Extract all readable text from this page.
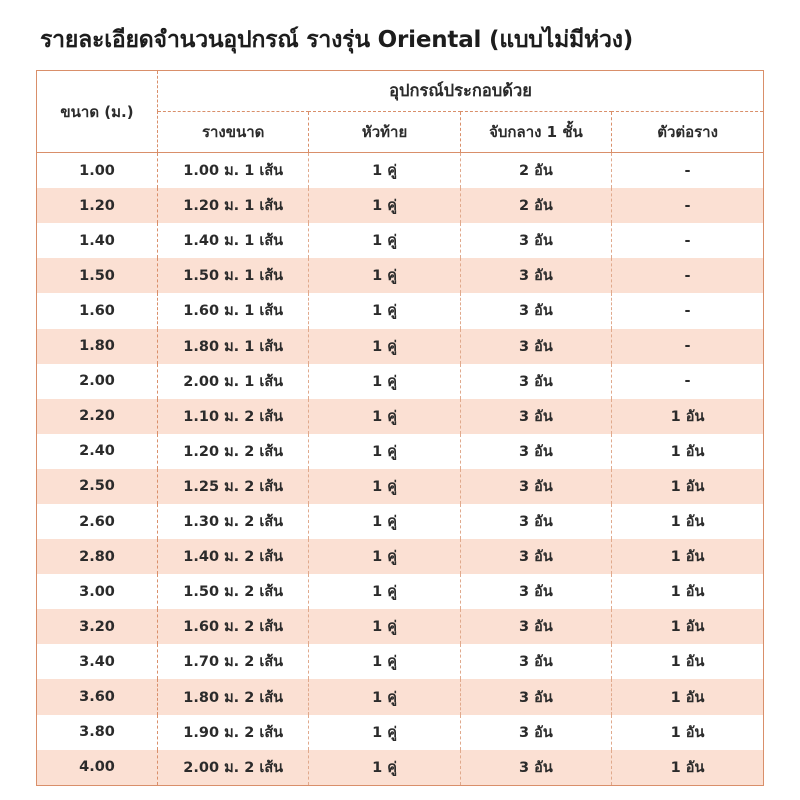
รายละเอียดจำนวนอุปกรณ์ รางรุ่น Oriental (แบบไม่มีห่วง)
ขนาด (ม.)	อุปกรณ์ประกอบด้วย			
	รางขนาด	หัวท้าย	จับกลาง 1 ชั้น	ตัวต่อราง
1.00	1.00 ม. 1 เส้น	1 คู่	2 อัน	-
1.20	1.20 ม. 1 เส้น	1 คู่	2 อัน	-
1.40	1.40 ม. 1 เส้น	1 คู่	3 อัน	-
1.50	1.50 ม. 1 เส้น	1 คู่	3 อัน	-
1.60	1.60 ม. 1 เส้น	1 คู่	3 อัน	-
1.80	1.80 ม. 1 เส้น	1 คู่	3 อัน	-
2.00	2.00 ม. 1 เส้น	1 คู่	3 อัน	-
2.20	1.10 ม. 2 เส้น	1 คู่	3 อัน	1 อัน
2.40	1.20 ม. 2 เส้น	1 คู่	3 อัน	1 อัน
2.50	1.25 ม. 2 เส้น	1 คู่	3 อัน	1 อัน
2.60	1.30 ม. 2 เส้น	1 คู่	3 อัน	1 อัน
2.80	1.40 ม. 2 เส้น	1 คู่	3 อัน	1 อัน
3.00	1.50 ม. 2 เส้น	1 คู่	3 อัน	1 อัน
3.20	1.60 ม. 2 เส้น	1 คู่	3 อัน	1 อัน
3.40	1.70 ม. 2 เส้น	1 คู่	3 อัน	1 อัน
3.60	1.80 ม. 2 เส้น	1 คู่	3 อัน	1 อัน
3.80	1.90 ม. 2 เส้น	1 คู่	3 อัน	1 อัน
4.00	2.00 ม. 2 เส้น	1 คู่	3 อัน	1 อัน
